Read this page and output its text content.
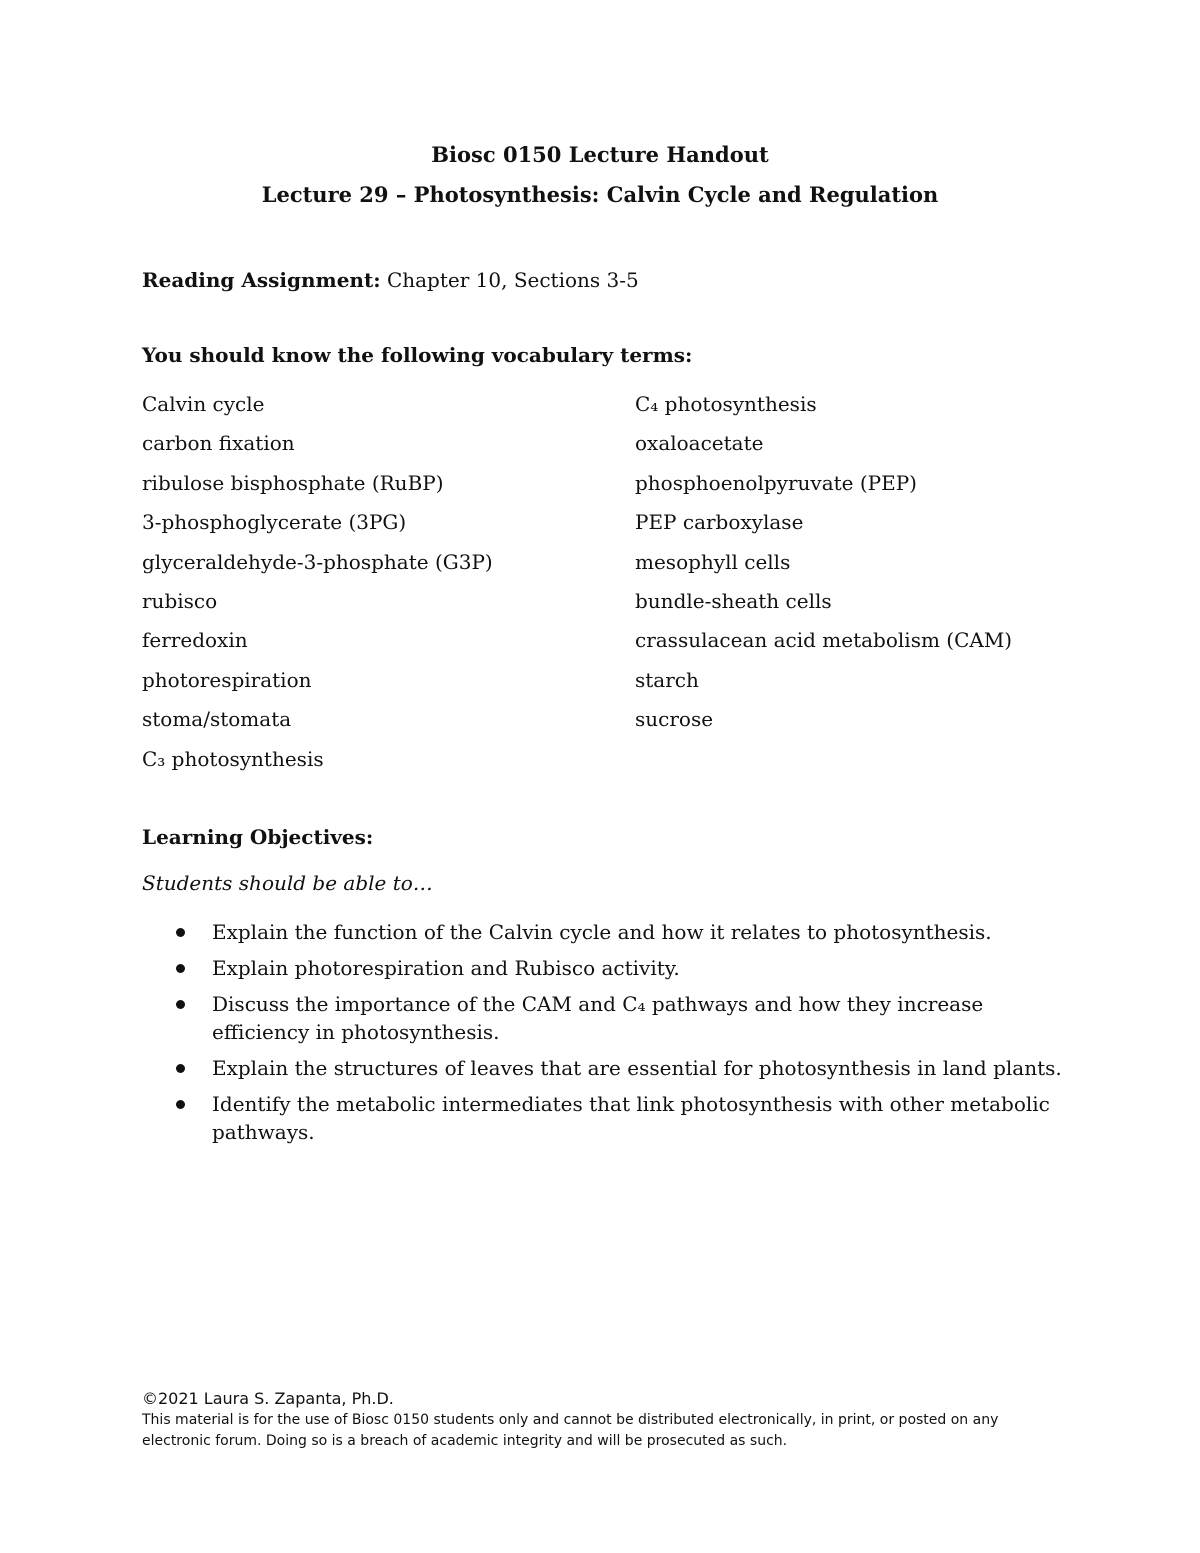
Biosc 0150 Lecture Handout
Lecture 29 – Photosynthesis: Calvin Cycle and Regulation
Reading Assignment: Chapter 10, Sections 3-5
You should know the following vocabulary terms:
Calvin cycle
carbon fixation
ribulose bisphosphate (RuBP)
3-phosphoglycerate (3PG)
glyceraldehyde-3-phosphate (G3P)
rubisco
ferredoxin
photorespiration
stoma/stomata
C₃ photosynthesis
C₄ photosynthesis
oxaloacetate
phosphoenolpyruvate (PEP)
PEP carboxylase
mesophyll cells
bundle-sheath cells
crassulacean acid metabolism (CAM)
starch
sucrose
Learning Objectives:
Students should be able to…
Explain the function of the Calvin cycle and how it relates to photosynthesis.
Explain photorespiration and Rubisco activity.
Discuss the importance of the CAM and C₄ pathways and how they increase efficiency in photosynthesis.
Explain the structures of leaves that are essential for photosynthesis in land plants.
Identify the metabolic intermediates that link photosynthesis with other metabolic pathways.
©2021 Laura S. Zapanta, Ph.D.
This material is for the use of Biosc 0150 students only and cannot be distributed electronically, in print, or posted on any electronic forum. Doing so is a breach of academic integrity and will be prosecuted as such.
